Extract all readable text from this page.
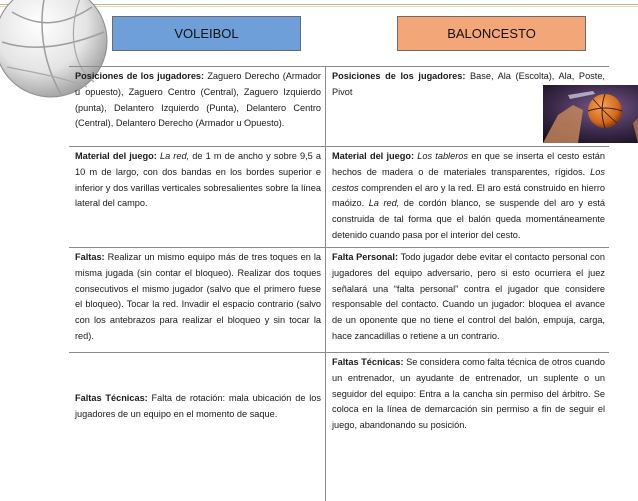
VOLEIBOL	BALONCESTO
Posiciones de los jugadores: Zaguero Derecho (Armador u opuesto), Zaguero Centro (Central), Zaguero Izquierdo (punta), Delantero Izquierdo (Punta), Delantero Centro (Central), Delantero Derecho (Armador u Opuesto).
Posiciones de los jugadores: Base, Ala (Escolta), Ala, Poste, Pivot
Material del juego: La red, de 1 m de ancho y sobre 9,5 a 10 m de largo, con dos bandas en los bordes superior e inferior y dos varillas verticales sobresalientes sobre la línea lateral del campo.
Material del juego: Los tableros en que se inserta el cesto están hechos de madera o de materiales transparentes, rígidos. Los cestos comprenden el aro y la red. El aro está construido en hierro maóizo. La red, de cordón blanco, se suspende del aro y está construida de tal forma que el balón queda momentáneamente detenido cuando pasa por el interior del cesto.
Faltas: Realizar un mismo equipo más de tres toques en la misma jugada (sin contar el bloqueo). Realizar dos toques consecutivos el mismo jugador (salvo que el primero fuese el bloqueo). Tocar la red. Invadir el espacio contrario (salvo con los antebrazos para realizar el bloqueo y sin tocar la red).
Falta Personal: Todo jugador debe evitar el contacto personal con jugadores del equipo adversario, pero si esto ocurriera el juez señalará una “falta personal” contra el jugador que considere responsable del contacto. Cuando un jugador: bloquea el avance de un oponente que no tiene el control del balón, empuja, carga, hace zancadillas o retiene a un contrario.
Faltas Técnicas: Falta de rotación: mala ubicación de los jugadores de un equipo en el momento de saque.
Faltas Técnicas: Se considera como falta técnica de otros cuando un entrenador, un ayudante de entrenador, un suplente o un seguidor del equipo: Entra a la cancha sin permiso del árbitro. Se coloca en la línea de demarcación sin permiso a fin de seguir el juego, abandonando su posición.
